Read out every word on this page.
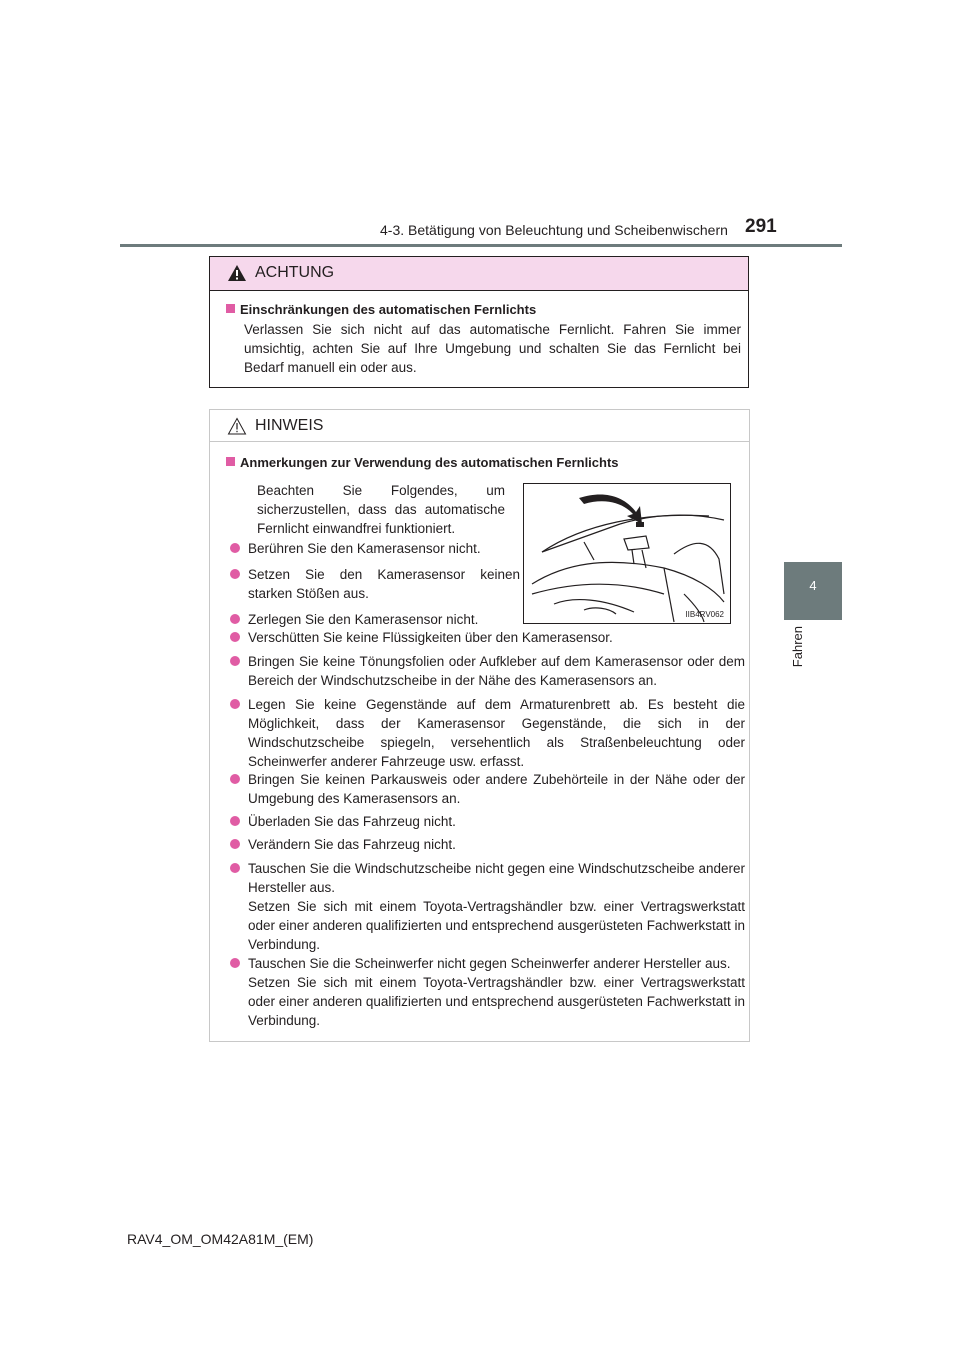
4-3. Betätigung von Beleuchtung und Scheibenwischern 291
4
Fahren
ACHTUNG
Einschränkungen des automatischen Fernlichts
Verlassen Sie sich nicht auf das automatische Fernlicht. Fahren Sie immer umsichtig, achten Sie auf Ihre Umgebung und schalten Sie das Fernlicht bei Bedarf manuell ein oder aus.
HINWEIS
Anmerkungen zur Verwendung des automatischen Fernlichts
Beachten Sie Folgendes, um sicherzustellen, dass das automatische Fernlicht einwandfrei funktioniert.
IIB4RV062
Berühren Sie den Kamerasensor nicht.
Setzen Sie den Kamerasensor keinen starken Stößen aus.
Zerlegen Sie den Kamerasensor nicht.
Verschütten Sie keine Flüssigkeiten über den Kamerasensor.
Bringen Sie keine Tönungsfolien oder Aufkleber auf dem Kamerasensor oder dem Bereich der Windschutzscheibe in der Nähe des Kamerasensors an.
Legen Sie keine Gegenstände auf dem Armaturenbrett ab. Es besteht die Möglichkeit, dass der Kamerasensor Gegenstände, die sich in der Windschutzscheibe spiegeln, versehentlich als Straßenbeleuchtung oder Scheinwerfer anderer Fahrzeuge usw. erfasst.
Bringen Sie keinen Parkausweis oder andere Zubehörteile in der Nähe oder der Umgebung des Kamerasensors an.
Überladen Sie das Fahrzeug nicht.
Verändern Sie das Fahrzeug nicht.
Tauschen Sie die Windschutzscheibe nicht gegen eine Windschutzscheibe anderer Hersteller aus.
Setzen Sie sich mit einem Toyota-Vertragshändler bzw. einer Vertragswerkstatt oder einer anderen qualifizierten und entsprechend ausgerüsteten Fachwerkstatt in Verbindung.
Tauschen Sie die Scheinwerfer nicht gegen Scheinwerfer anderer Hersteller aus.
Setzen Sie sich mit einem Toyota-Vertragshändler bzw. einer Vertragswerkstatt oder einer anderen qualifizierten und entsprechend ausgerüsteten Fachwerkstatt in Verbindung.
RAV4_OM_OM42A81M_(EM)
